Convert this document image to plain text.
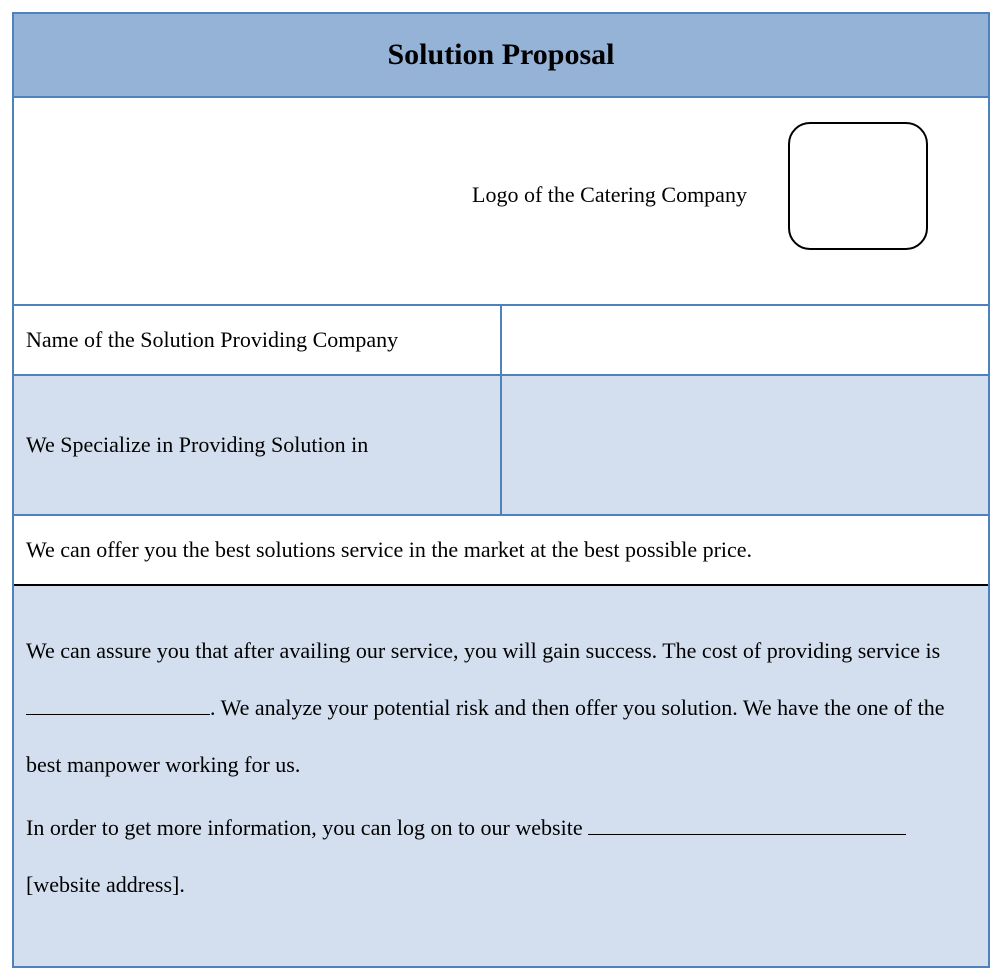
Solution Proposal
Logo of the Catering Company
Name of the Solution Providing Company
We Specialize in Providing Solution in
We can offer you the best solutions service in the market at the best possible price.

We can assure you that after availing our service, you will gain success. The cost of providing service is . We analyze your potential risk and then offer you solution. We have the one of the best manpower working for us.

In order to get more information, you can log on to our website  [website address].
